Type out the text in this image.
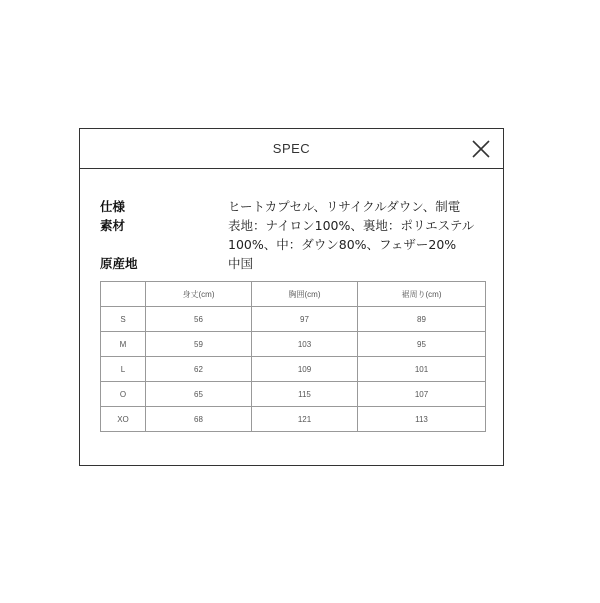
SPEC
仕様	ヒートカプセル、リサイクルダウン、制電
素材	表地：ナイロン100%、裏地：ポリエステル100%、中：ダウン80%、フェザー20%
原産地	中国
	身丈(cm)	胸囲(cm)	裾周り(cm)
S	56	97	89
M	59	103	95
L	62	109	101
O	65	115	107
XO	68	121	113
